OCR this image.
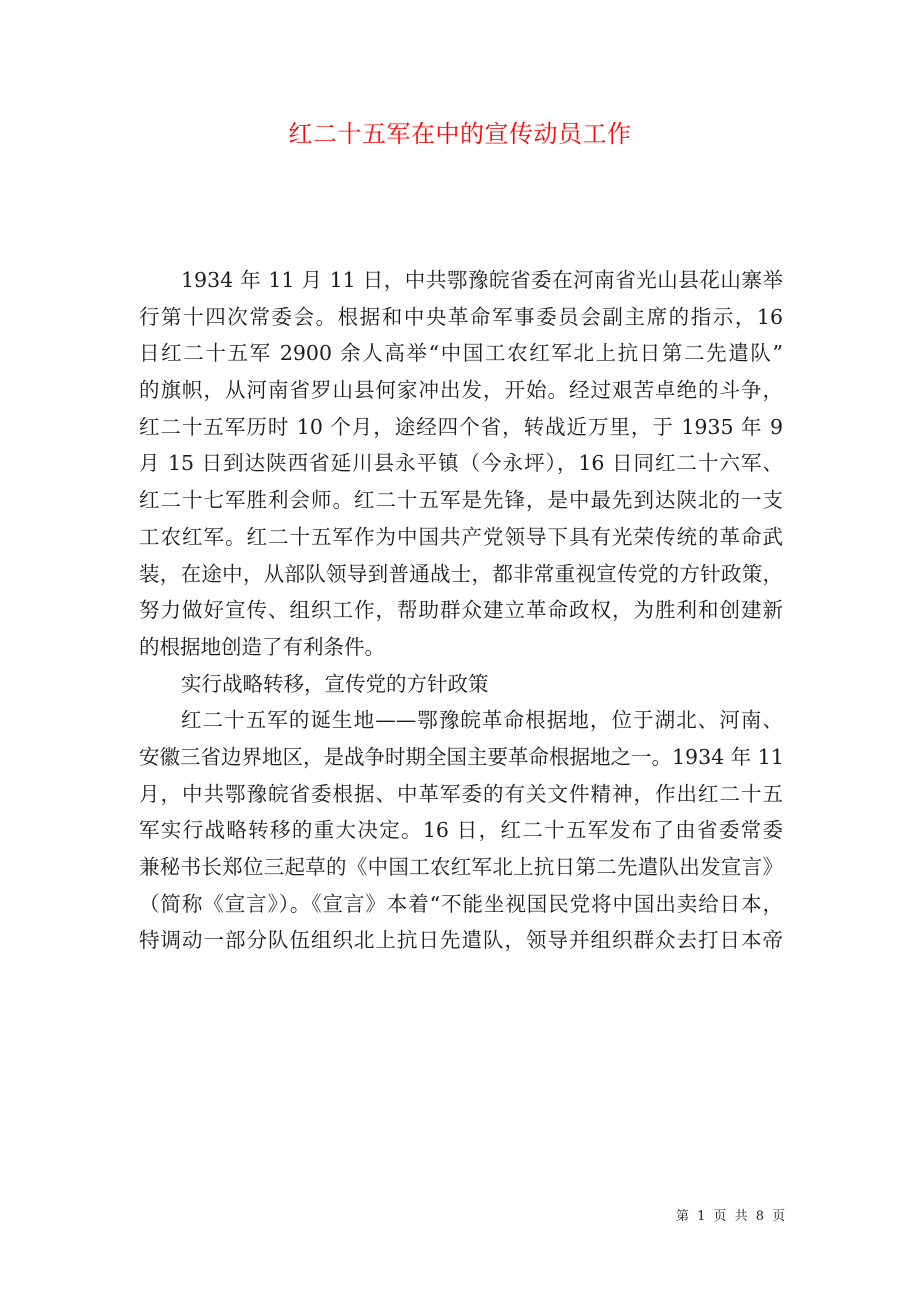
红二十五军在中的宣传动员工作
1934 年 11 月 11 日，中共鄂豫皖省委在河南省光山县花山寨举
行第十四次常委会。根据和中央革命军事委员会副主席的指示，16
日红二十五军 2900 余人高举“中国工农红军北上抗日第二先遣队”
的旗帜，从河南省罗山县何家冲出发，开始。经过艰苦卓绝的斗争，
红二十五军历时 10 个月，途经四个省，转战近万里，于 1935 年 9
月 15 日到达陕西省延川县永平镇（今永坪），16 日同红二十六军、
红二十七军胜利会师。红二十五军是先锋，是中最先到达陕北的一支
工农红军。红二十五军作为中国共产党领导下具有光荣传统的革命武
装，在途中，从部队领导到普通战士，都非常重视宣传党的方针政策，
努力做好宣传、组织工作，帮助群众建立革命政权，为胜利和创建新
的根据地创造了有利条件。
实行战略转移，宣传党的方针政策
红二十五军的诞生地——鄂豫皖革命根据地，位于湖北、河南、
安徽三省边界地区，是战争时期全国主要革命根据地之一。1934 年 11
月，中共鄂豫皖省委根据、中革军委的有关文件精神，作出红二十五
军实行战略转移的重大决定。16 日，红二十五军发布了由省委常委
兼秘书长郑位三起草的《中国工农红军北上抗日第二先遣队出发宣言》
（简称《宣言》）。《宣言》本着“不能坐视国民党将中国出卖给日本，
特调动一部分队伍组织北上抗日先遣队，领导并组织群众去打日本帝
第 1 页 共 8 页
